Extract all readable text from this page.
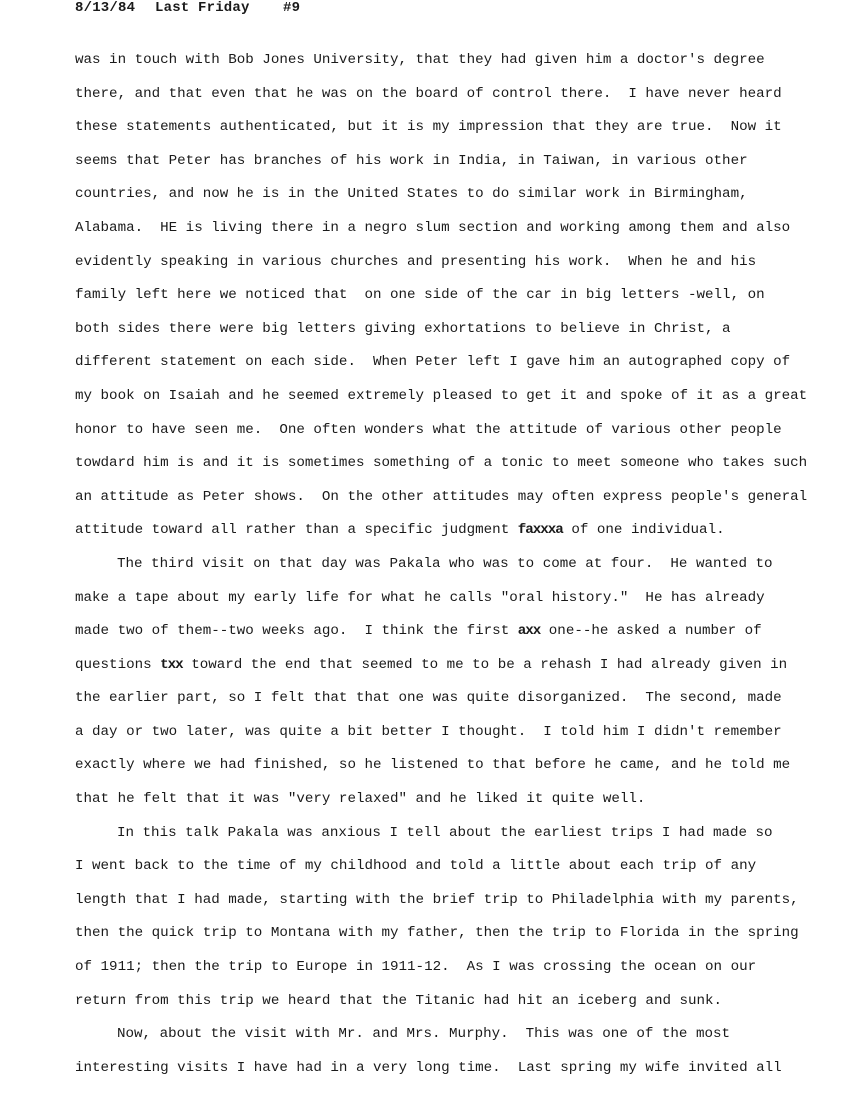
8/13/84 Last Friday #9
was in touch with Bob Jones University, that they had given him a doctor's degree
there, and that even that he was on the board of control there.  I have never heard
these statements authenticated, but it is my impression that they are true.  Now it
seems that Peter has branches of his work in India, in Taiwan, in various other
countries, and now he is in the United States to do similar work in Birmingham,
Alabama.  HE is living there in a negro slum section and working among them and also
evidently speaking in various churches and presenting his work.  When he and his
family left here we noticed that  on one side of the car in big letters -well, on
both sides there were big letters giving exhortations to believe in Christ, a
different statement on each side.  When Peter left I gave him an autographed copy of
my book on Isaiah and he seemed extremely pleased to get it and spoke of it as a great
honor to have seen me.  One often wonders what the attitude of various other people
towdard him is and it is sometimes something of a tonic to meet someone who takes such
an attitude as Peter shows.  On the other attitudes may often express people's general
attitude toward all rather than a specific judgment faxxxa of one individual.
The third visit on that day was Pakala who was to come at four.  He wanted to
make a tape about my early life for what he calls "oral history."  He has already
made two of them--two weeks ago.  I think the first axx one--he asked a number of
questions txx toward the end that seemed to me to be a rehash I had already given in
the earlier part, so I felt that that one was quite disorganized.  The second, made
a day or two later, was quite a bit better I thought.  I told him I didn't remember
exactly where we had finished, so he listened to that before he came, and he told me
that he felt that it was "very relaxed" and he liked it quite well.
In this talk Pakala was anxious I tell about the earliest trips I had made so
I went back to the time of my childhood and told a little about each trip of any
length that I had made, starting with the brief trip to Philadelphia with my parents,
then the quick trip to Montana with my father, then the trip to Florida in the spring
of 1911; then the trip to Europe in 1911-12.  As I was crossing the ocean on our
return from this trip we heard that the Titanic had hit an iceberg and sunk.
Now, about the visit with Mr. and Mrs. Murphy.  This was one of the most
interesting visits I have had in a very long time.  Last spring my wife invited all
